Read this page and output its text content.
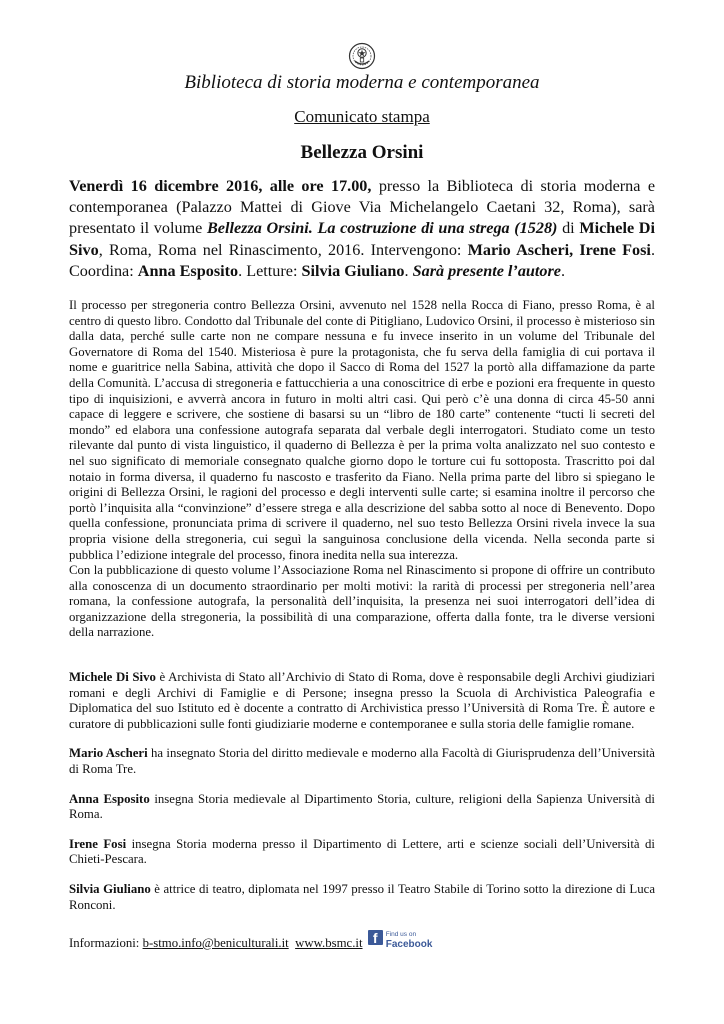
Biblioteca di storia moderna e contemporanea
Comunicato stampa
Bellezza Orsini
Venerdì 16 dicembre 2016, alle ore 17.00, presso la Biblioteca di storia moderna e contemporanea (Palazzo Mattei di Giove Via Michelangelo Caetani 32, Roma), sarà presentato il volume Bellezza Orsini. La costruzione di una strega (1528) di Michele Di Sivo, Roma, Roma nel Rinascimento, 2016. Intervengono: Mario Ascheri, Irene Fosi. Coordina: Anna Esposito. Letture: Silvia Giuliano. Sarà presente l’autore.

Il processo per stregoneria contro Bellezza Orsini, avvenuto nel 1528 nella Rocca di Fiano, presso Roma, è al centro di questo libro. Condotto dal Tribunale del conte di Pitigliano, Ludovico Orsini, il processo è misterioso sin dalla data, perché sulle carte non ne compare nessuna e fu invece inserito in un volume del Tribunale del Governatore di Roma del 1540. Misteriosa è pure la protagonista, che fu serva della famiglia di cui portava il nome e guaritrice nella Sabina, attività che dopo il Sacco di Roma del 1527 la portò alla diffamazione da parte della Comunità. L’accusa di stregoneria e fattucchieria a una conoscitrice di erbe e pozioni era frequente in questo tipo di inquisizioni, e avverrà ancora in futuro in molti altri casi. Qui però c’è una donna di circa 45-50 anni capace di leggere e scrivere, che sostiene di basarsi su un “libro de 180 carte” contenente “tucti li secreti del mondo” ed elabora una confessione autografa separata dal verbale degli interrogatori. Studiato come un testo rilevante dal punto di vista linguistico, il quaderno di Bellezza è per la prima volta analizzato nel suo contesto e nel suo significato di memoriale consegnato qualche giorno dopo le torture cui fu sottoposta. Trascritto poi dal notaio in forma diversa, il quaderno fu nascosto e trasferito da Fiano. Nella prima parte del libro si spiegano le origini di Bellezza Orsini, le ragioni del processo e degli interventi sulle carte; si esamina inoltre il percorso che portò l’inquisita alla “convinzione” d’essere strega e alla descrizione del sabba sotto al noce di Benevento. Dopo quella confessione, pronunciata prima di scrivere il quaderno, nel suo testo Bellezza Orsini rivela invece la sua propria visione della stregoneria, cui seguì la sanguinosa conclusione della vicenda. Nella seconda parte si pubblica l’edizione integrale del processo, finora inedita nella sua interezza.

Con la pubblicazione di questo volume l’Associazione Roma nel Rinascimento si propone di offrire un contributo alla conoscenza di un documento straordinario per molti motivi: la rarità di processi per stregoneria nell’area romana, la confessione autografa, la personalità dell’inquisita, la presenza nei suoi interrogatori dell’idea di organizzazione della stregoneria, la possibilità di una comparazione, offerta dalla fonte, tra le diverse versioni della narrazione.

Michele Di Sivo è Archivista di Stato all’Archivio di Stato di Roma, dove è responsabile degli Archivi giudiziari romani e degli Archivi di Famiglie e di Persone; insegna presso la Scuola di Archivistica Paleografia e Diplomatica del suo Istituto ed è docente a contratto di Archivistica presso l’Università di Roma Tre. È autore e curatore di pubblicazioni sulle fonti giudiziarie moderne e contemporanee e sulla storia delle famiglie romane.

Mario Ascheri ha insegnato Storia del diritto medievale e moderno alla Facoltà di Giurisprudenza dell’Università di Roma Tre.

Anna Esposito insegna Storia medievale al Dipartimento Storia, culture, religioni della Sapienza Università di Roma.

Irene Fosi insegna Storia moderna presso il Dipartimento di Lettere, arti e scienze sociali dell’Università di Chieti-Pescara.

Silvia Giuliano è attrice di teatro, diplomata nel 1997 presso il Teatro Stabile di Torino sotto la direzione di Luca Ronconi.

Informazioni: b-stmo.info@beniculturali.it www.bsmc.it f Find us on
Facebook
